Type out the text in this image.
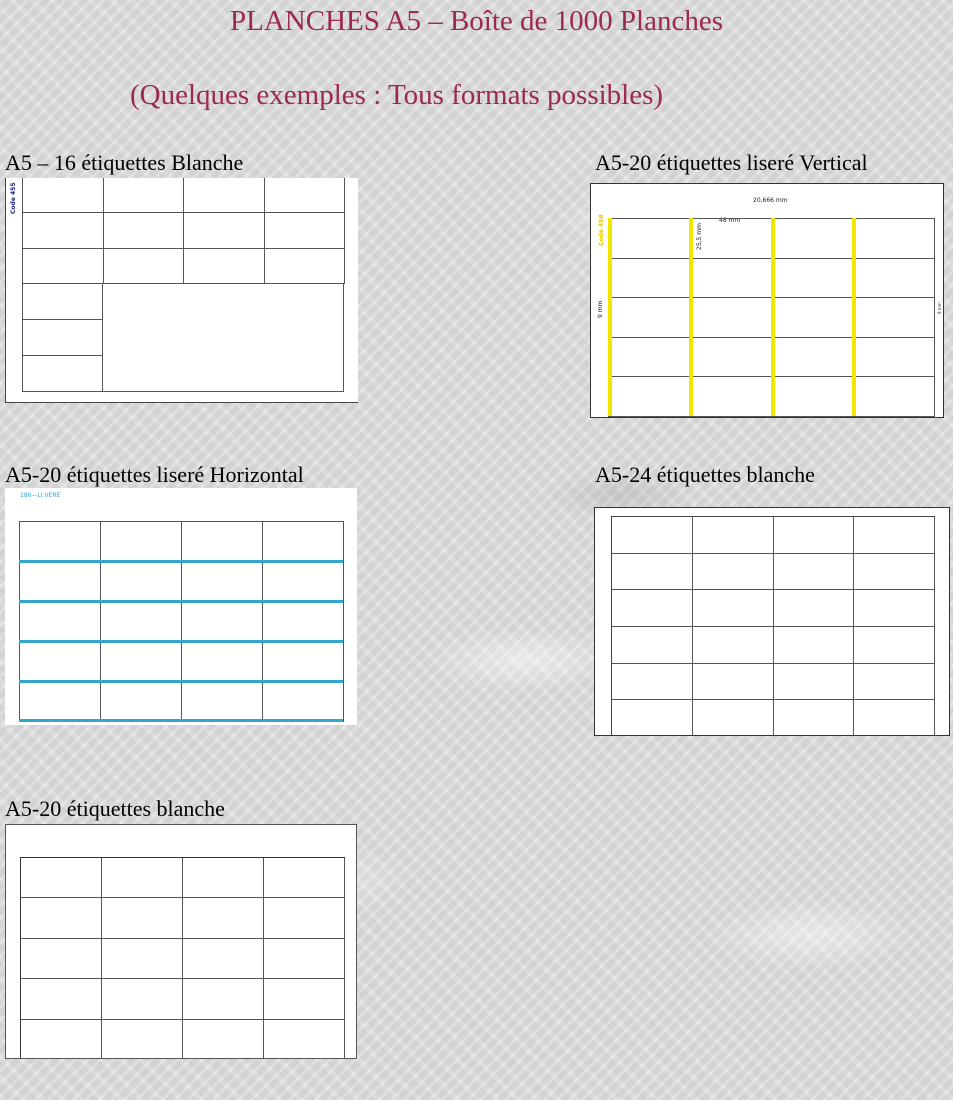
PLANCHES A5 – Boîte de 1000 Planches
(Quelques exemples : Tous formats possibles)
A5 – 16 étiquettes Blanche
Code 455
A5-20 étiquettes liseré Vertical
20,666 mm
48 mm
25,5 mm
9 mm	9 mm
Code 458
A5-20 étiquettes liseré Horizontal
186—LI.VERE
A5-24 étiquettes blanche
A5-20 étiquettes blanche
